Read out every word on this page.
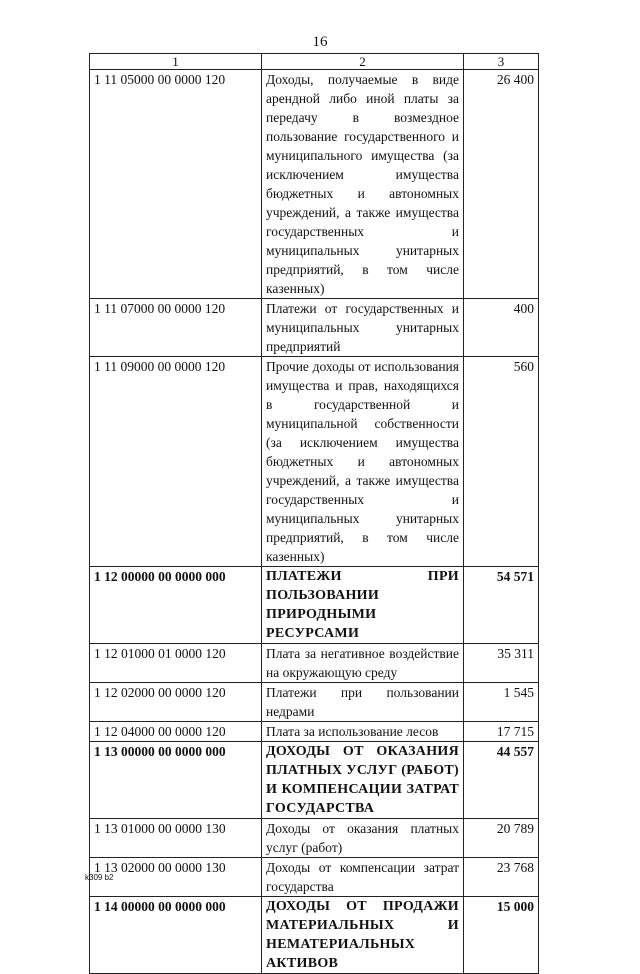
16
1	2	3
1 11 05000 00 0000 120	Доходы, получаемые в виде арендной либо иной платы за передачу в возмездное пользование государственного и муниципального имущества (за исключением имущества бюджетных и автономных учреждений, а также имущества государственных и муниципальных унитарных предприятий, в том числе казенных)	26 400
1 11 07000 00 0000 120	Платежи от государственных и муниципальных унитарных предприятий	400
1 11 09000 00 0000 120	Прочие доходы от использования имущества и прав, находящихся в государственной и муниципальной собственности (за исключением имущества бюджетных и автономных учреждений, а также имущества государственных и муниципальных унитарных предприятий, в том числе казенных)	560
1 12 00000 00 0000 000	ПЛАТЕЖИ ПРИ ПОЛЬЗОВАНИИ ПРИРОДНЫМИ РЕСУРСАМИ	54 571
1 12 01000 01 0000 120	Плата за негативное воздействие на окружающую среду	35 311
1 12 02000 00 0000 120	Платежи при пользовании недрами	1 545
1 12 04000 00 0000 120	Плата за использование лесов	17 715
1 13 00000 00 0000 000	ДОХОДЫ ОТ ОКАЗАНИЯ ПЛАТНЫХ УСЛУГ (РАБОТ) И КОМПЕНСАЦИИ ЗАТРАТ ГОСУДАРСТВА	44 557
1 13 01000 00 0000 130	Доходы от оказания платных услуг (работ)	20 789
1 13 02000 00 0000 130	Доходы от компенсации затрат государства	23 768
1 14 00000 00 0000 000	ДОХОДЫ ОТ ПРОДАЖИ МАТЕРИАЛЬНЫХ И НЕМАТЕРИАЛЬНЫХ АКТИВОВ	15 000
k309 b2
